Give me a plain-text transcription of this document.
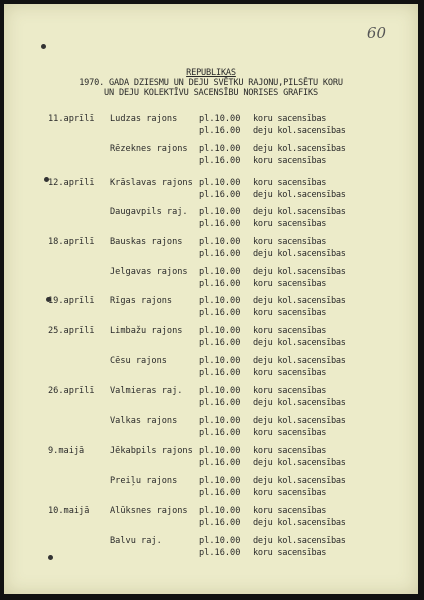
60
REPUBLIKAS
1970. GADA DZIESMU UN DEJU SVĒTKU RAJONU,PILSĒTU KORU
UN DEJU KOLEKTĪVU SACENSĪBU NORISES GRAFIKS
11.aprīlī Ludzas rajons	pl.10.00 koru sacensības
pl.16.00 deju kol.sacensības
Rēzeknes rajons pl.10.00 deju kol.sacensības
pl.16.00 koru sacensības
12.aprīlī Krāslavas rajons pl.10.00 koru sacensības
pl.16.00 deju kol.sacensības
Daugavpils raj. pl.10.00 deju kol.sacensības
pl.16.00 koru sacensības
18.aprīlī Bauskas rajons pl.10.00 koru sacensības
pl.16.00 deju kol.sacensības
Jelgavas rajons pl.10.00 deju kol.sacensības
pl.16.00 koru sacensības
19.aprīlī Rīgas rajons	pl.10.00 deju kol.sacensības
pl.16.00 koru sacensības
25.aprīlī Limbažu rajons pl.10.00 koru sacensības
pl.16.00 deju kol.sacensības
Cēsu rajons	pl.10.00 deju kol.sacensības
pl.16.00 koru sacensības
26.aprīlī Valmieras raj. pl.10.00 koru sacensības
pl.16.00 deju kol.sacensības
Valkas rajons	pl.10.00 deju kol.sacensības
pl.16.00 koru sacensības
9.maijā	Jēkabpils rajons pl.10.00 koru sacensības
pl.16.00 deju kol.sacensības
Preiļu rajons	pl.10.00 deju kol.sacensības
pl.16.00 koru sacensības
10.maijā Alūksnes rajons pl.10.00 koru sacensības
pl.16.00 deju kol.sacensības
Balvu raj.	pl.10.00 deju kol.sacensības
pl.16.00 koru sacensības
